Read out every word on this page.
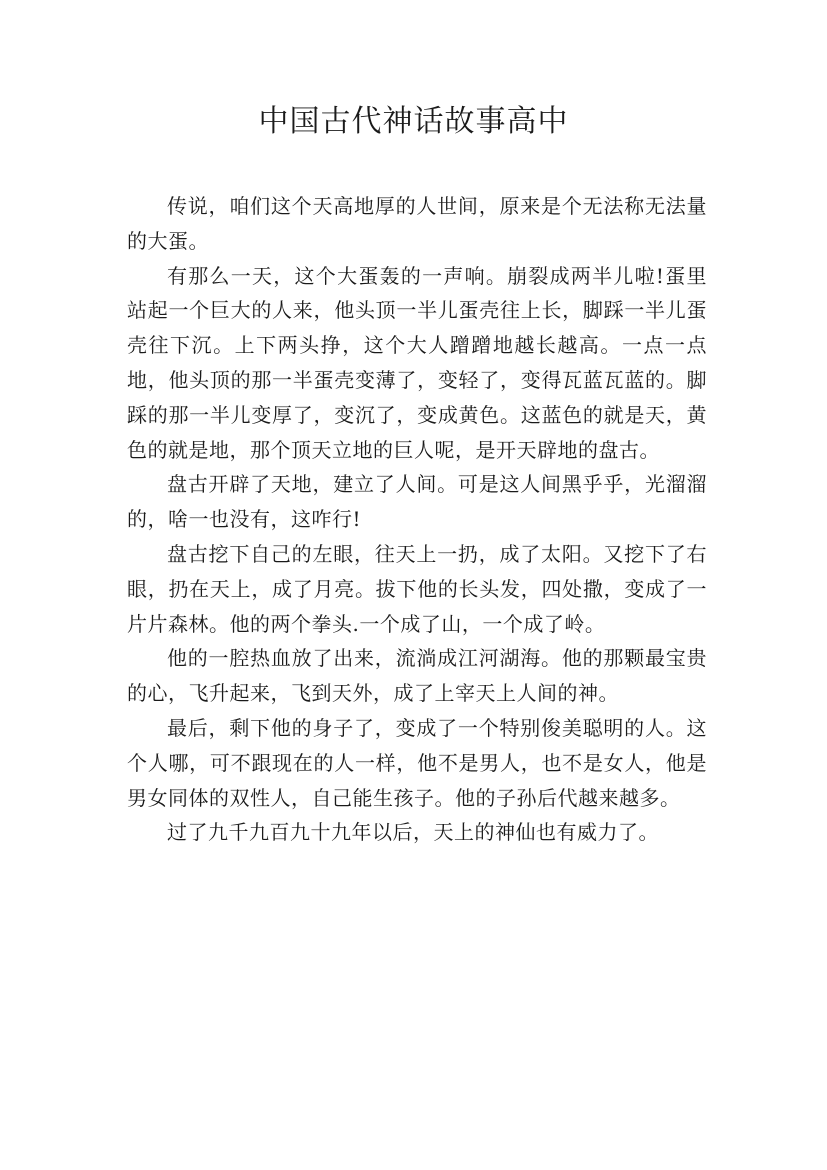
中国古代神话故事高中

传说，咱们这个天高地厚的人世间，原来是个无法称无法量的大蛋。

有那么一天，这个大蛋轰的一声响。崩裂成两半儿啦!蛋里站起一个巨大的人来，他头顶一半儿蛋壳往上长，脚踩一半儿蛋壳往下沉。上下两头挣，这个大人蹭蹭地越长越高。一点一点地，他头顶的那一半蛋壳变薄了，变轻了，变得瓦蓝瓦蓝的。脚踩的那一半儿变厚了，变沉了，变成黄色。这蓝色的就是天，黄色的就是地，那个顶天立地的巨人呢，是开天辟地的盘古。

盘古开辟了天地，建立了人间。可是这人间黑乎乎，光溜溜的，啥一也没有，这咋行!

盘古挖下自己的左眼，往天上一扔，成了太阳。又挖下了右眼，扔在天上，成了月亮。拔下他的长头发，四处撒，变成了一片片森林。他的两个拳头.一个成了山，一个成了岭。

他的一腔热血放了出来，流淌成江河湖海。他的那颗最宝贵的心，飞升起来，飞到天外，成了上宰天上人间的神。

最后，剩下他的身子了，变成了一个特别俊美聪明的人。这个人哪，可不跟现在的人一样，他不是男人，也不是女人，他是男女同体的双性人，自己能生孩子。他的子孙后代越来越多。

过了九千九百九十九年以后，天上的神仙也有威力了。
